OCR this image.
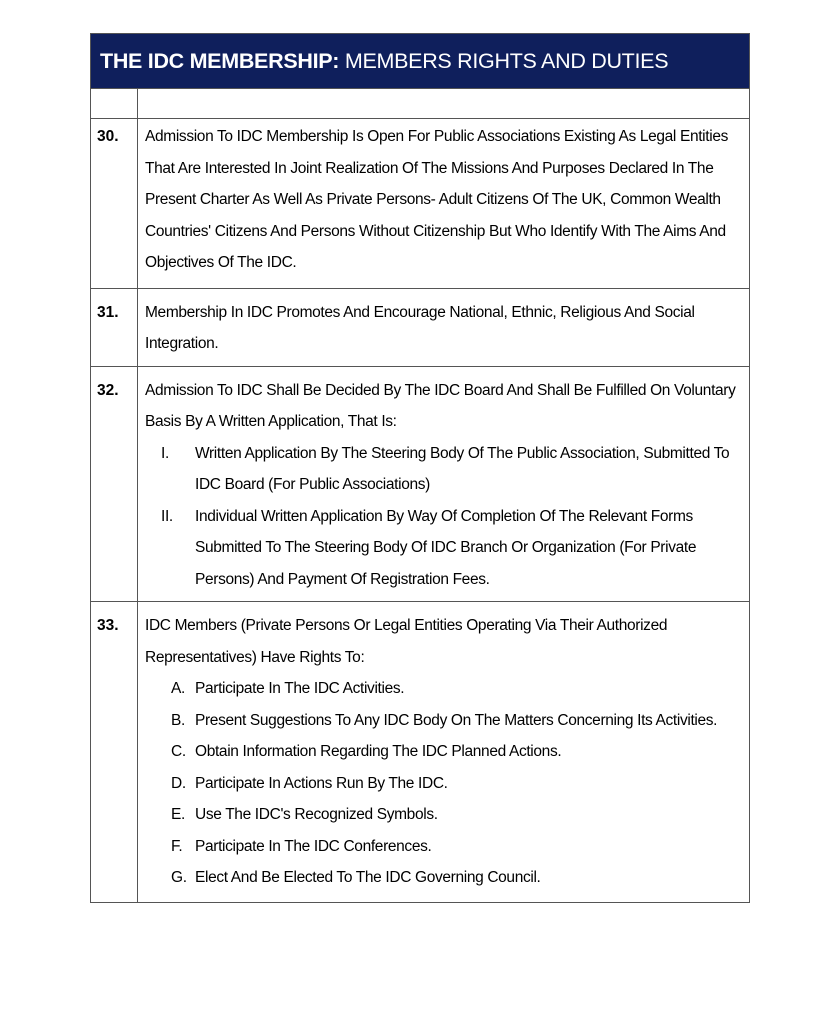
THE IDC MEMBERSHIP:
MEMBERS RIGHTS AND DUTIES
30.	Admission To IDC Membership Is Open For Public Associations Existing As Legal Entities That Are Interested In Joint Realization Of The Missions And Purposes Declared In The Present Charter As Well As Private Persons- Adult Citizens Of The UK, Common Wealth Countries' Citizens And Persons Without Citizenship But Who Identify With The Aims And Objectives Of The IDC.
31.	Membership In IDC Promotes And Encourage National, Ethnic, Religious And Social Integration.
32.	Admission To IDC Shall Be Decided By The IDC Board And Shall Be Fulfilled On Voluntary Basis By A Written Application, That Is:
I.	Written Application By The Steering Body Of The Public Association, Submitted To IDC Board (For Public Associations)
II.	Individual Written Application By Way Of Completion Of The Relevant Forms Submitted To The Steering Body Of IDC Branch Or Organization (For Private Persons) And Payment Of Registration Fees.
33.	IDC Members (Private Persons Or Legal Entities Operating Via Their Authorized Representatives) Have Rights To:
A. Participate In The IDC Activities.
B. Present Suggestions To Any IDC Body On The Matters Concerning Its Activities.
C. Obtain Information Regarding The IDC Planned Actions.
D. Participate In Actions Run By The IDC.
E. Use The IDC's Recognized Symbols.
F. Participate In The IDC Conferences.
G. Elect And Be Elected To The IDC Governing Council.
